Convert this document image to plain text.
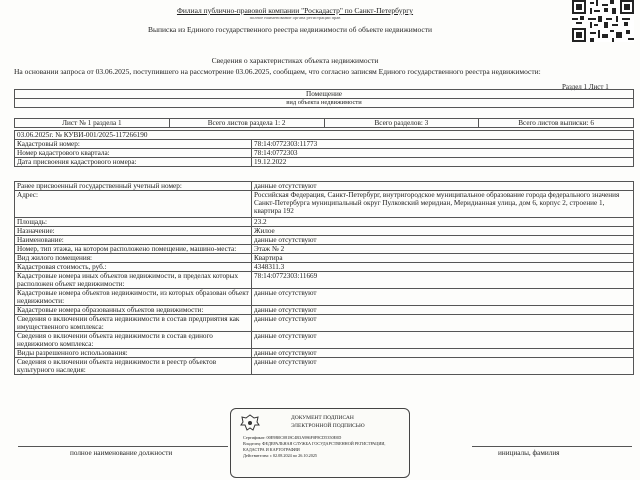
Филиал публично-правовой компании "Роскадастр" по Санкт-Петербургу
полное наименование органа регистрации прав
Выписка из Единого государственного реестра недвижимости об объекте недвижимости
Сведения о характеристиках объекта недвижимости
На основании запроса от 03.06.2025, поступившего на рассмотрение 03.06.2025, сообщаем, что согласно записям Единого государственного реестра недвижимости:
Раздел 1 Лист 1
Помещение
вид объекта недвижимости
Лист № 1 раздела 1	Всего листов раздела 1: 2	Всего разделов: 3	Всего листов выписки: 6
03.06.2025г. № КУВИ-001/2025-117266190	
Кадастровый номер:	78:14:0772303:11773
Номер кадастрового квартала:	78:14:0772303
Дата присвоения кадастрового номера:	19.12.2022
Ранее присвоенный государственный учетный номер:	данные отсутствуют
Адрес:	Российская Федерация, Санкт-Петербург, внутригородское муниципальное образование города федерального значения Санкт-Петербурга муниципальный округ Пулковский меридиан, Меридианная улица, дом 6, корпус 2, строение 1, квартира 192
Площадь:	23.2
Назначение:	Жилое
Наименование:	данные отсутствуют
Номер, тип этажа, на котором расположено помещение, машино-места:	Этаж № 2
Вид жилого помещения:	Квартира
Кадастровая стоимость, руб.:	4348311.3
Кадастровые номера иных объектов недвижимости, в пределах которых расположен объект недвижимости:	78:14:0772303:11669
Кадастровые номера объектов недвижимости, из которых образован объект недвижимости:	данные отсутствуют
Кадастровые номера образованных объектов недвижимости:	данные отсутствуют
Сведения о включении объекта недвижимости в состав предприятия как имущественного комплекса:	данные отсутствуют
Сведения о включении объекта недвижимости в состав единого недвижимого комплекса:	данные отсутствуют
Виды разрешенного использования:	данные отсутствуют
Сведения о включении объекта недвижимости в реестр объектов культурного наследия:	данные отсутствуют
полное наименование должности	инициалы, фамилия
ДОКУМЕНТ ПОДПИСАН
ЭЛЕКТРОННОЙ ПОДПИСЬЮ
Сертификат: 00E9B0C0818C4B3A986F0F8CD5350E0D
Владелец: ФЕДЕРАЛЬНАЯ СЛУЖБА ГОСУДАРСТВЕННОЙ РЕГИСТРАЦИИ, КАДАСТРА И КАРТОГРАФИИ
Действителен: с 02.08.2024 по 26.10.2025
